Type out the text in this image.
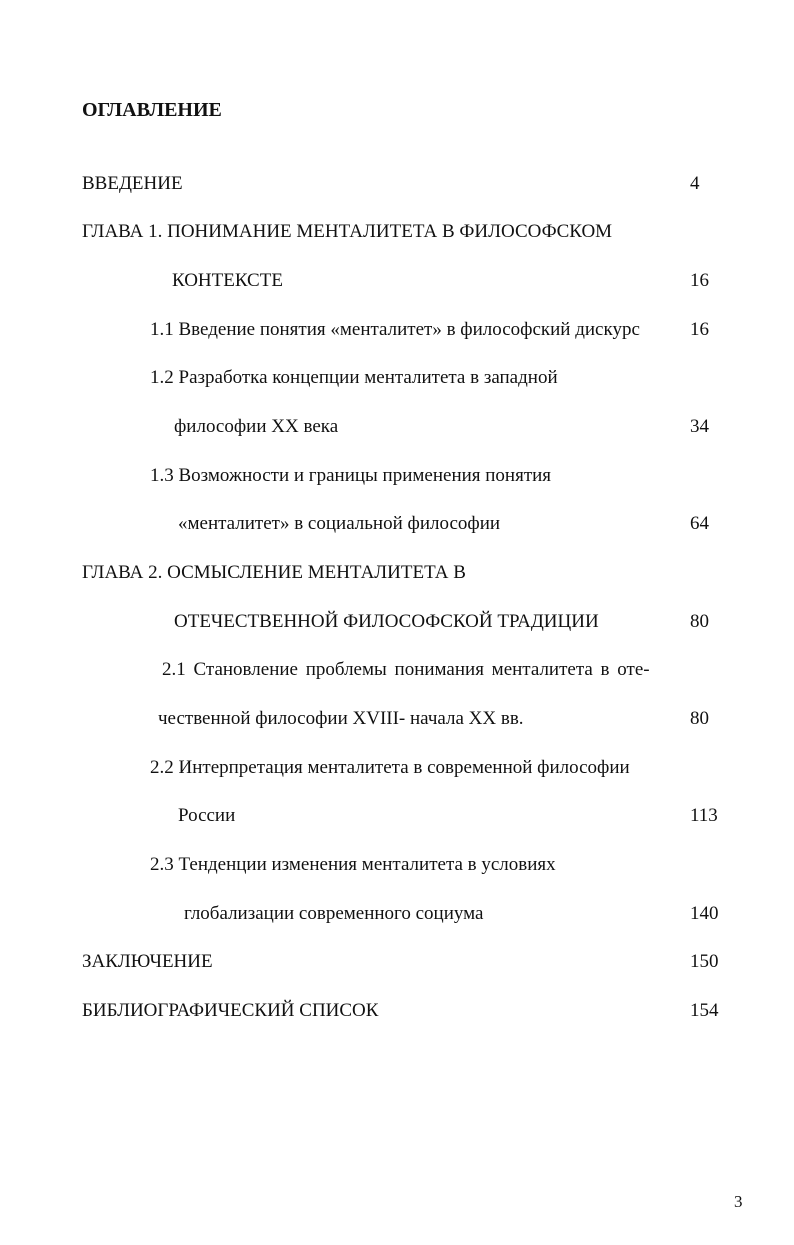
ОГЛАВЛЕНИЕ
ВВЕДЕНИЕ	4
ГЛАВА 1. ПОНИМАНИЕ МЕНТАЛИТЕТА В ФИЛОСОФСКОМ
КОНТЕКСТЕ	16
1.1 Введение понятия «менталитет» в философский дискурс	16
1.2 Разработка концепции менталитета в западной
философии XX века	34
1.3 Возможности и границы применения понятия
«менталитет» в социальной философии	64
ГЛАВА 2. ОСМЫСЛЕНИЕ МЕНТАЛИТЕТА В
ОТЕЧЕСТВЕННОЙ ФИЛОСОФСКОЙ ТРАДИЦИИ	80
2.1 Становление проблемы понимания менталитета в оте-
чественной философии XVIII- начала XX вв.	80
2.2 Интерпретация менталитета в современной философии
России	113
2.3 Тенденции изменения менталитета в условиях
глобализации современного социума	140
ЗАКЛЮЧЕНИЕ	150
БИБЛИОГРАФИЧЕСКИЙ СПИСОК	154
3
